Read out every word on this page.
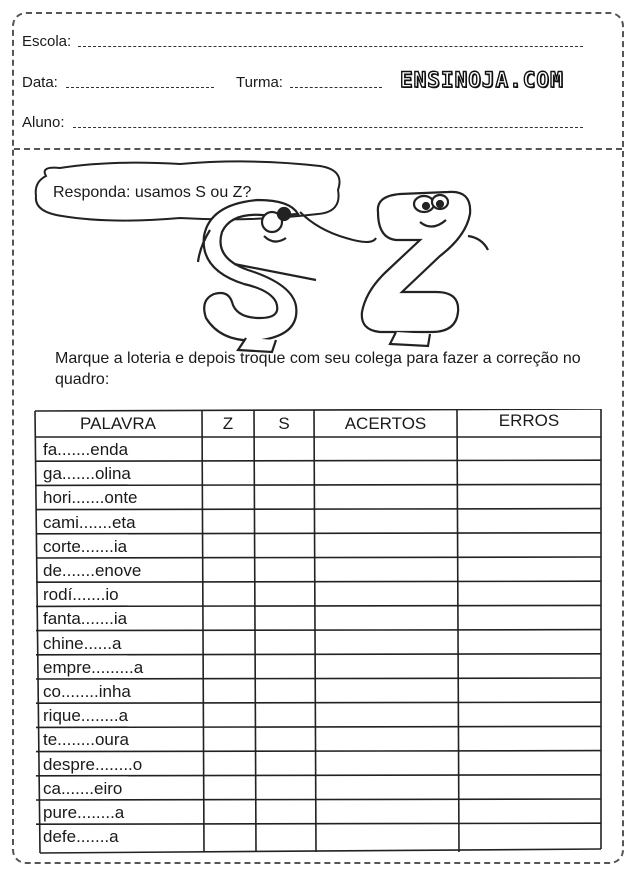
Escola:
Data:	Turma:	ENSINOJA.COM
Aluno:
Responda: usamos S ou Z?
Marque a loteria e depois troque com seu colega para fazer a correção no quadro:
PALAVRA	Z	S	ACERTOS	ERROS
fa.......enda
ga.......olina
hori.......onte
cami.......eta
corte.......ia
de.......enove
rodí.......io
fanta.......ia
chine......a
empre.........a
co........inha
rique........a
te........oura
despre........o
ca.......eiro
pure........a
defe.......a
